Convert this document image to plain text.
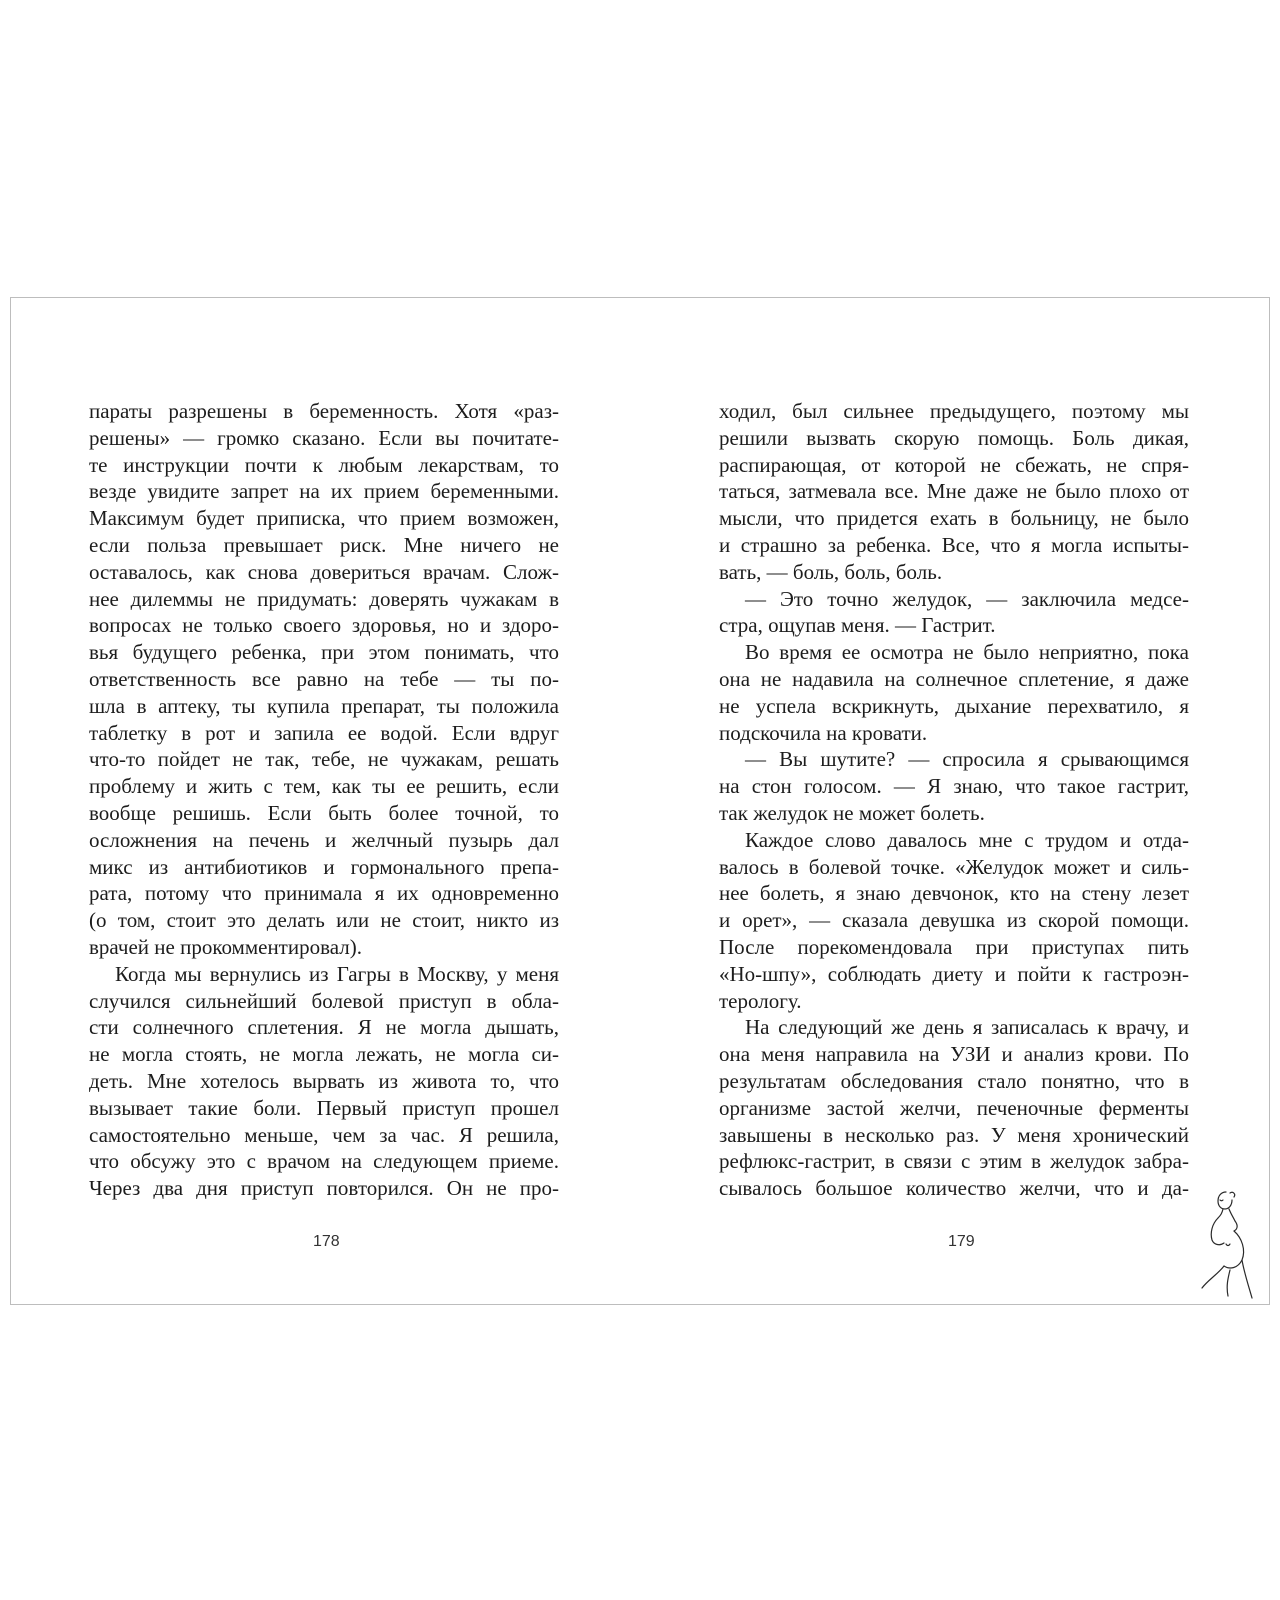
параты разрешены в беременность. Хотя «раз-
решены» — громко сказано. Если вы почитате-
те инструкции почти к любым лекарствам, то
везде увидите запрет на их прием беременными.
Максимум будет приписка, что прием возможен,
если польза превышает риск. Мне ничего не
оставалось, как снова довериться врачам. Слож-
нее дилеммы не придумать: доверять чужакам в
вопросах не только своего здоровья, но и здоро-
вья будущего ребенка, при этом понимать, что
ответственность все равно на тебе — ты по-
шла в аптеку, ты купила препарат, ты положила
таблетку в рот и запила ее водой. Если вдруг
что-то пойдет не так, тебе, не чужакам, решать
проблему и жить с тем, как ты ее решить, если
вообще решишь. Если быть более точной, то
осложнения на печень и желчный пузырь дал
микс из антибиотиков и гормонального препа-
рата, потому что принимала я их одновременно
(о том, стоит это делать или не стоит, никто из
врачей не прокомментировал).
Когда мы вернулись из Гагры в Москву, у меня
случился сильнейший болевой приступ в обла-
сти солнечного сплетения. Я не могла дышать,
не могла стоять, не могла лежать, не могла си-
деть. Мне хотелось вырвать из живота то, что
вызывает такие боли. Первый приступ прошел
самостоятельно меньше, чем за час. Я решила,
что обсужу это с врачом на следующем приеме.
Через два дня приступ повторился. Он не про-
ходил, был сильнее предыдущего, поэтому мы
решили вызвать скорую помощь. Боль дикая,
распирающая, от которой не сбежать, не спря-
таться, затмевала все. Мне даже не было плохо от
мысли, что придется ехать в больницу, не было
и страшно за ребенка. Все, что я могла испыты-
вать, — боль, боль, боль.
— Это точно желудок, — заключила медсе-
стра, ощупав меня. — Гастрит.
Во время ее осмотра не было неприятно, пока
она не надавила на солнечное сплетение, я даже
не успела вскрикнуть, дыхание перехватило, я
подскочила на кровати.
— Вы шутите? — спросила я срывающимся
на стон голосом. — Я знаю, что такое гастрит,
так желудок не может болеть.
Каждое слово давалось мне с трудом и отда-
валось в болевой точке. «Желудок может и силь-
нее болеть, я знаю девчонок, кто на стену лезет
и орет», — сказала девушка из скорой помощи.
После порекомендовала при приступах пить
«Но-шпу», соблюдать диету и пойти к гастроэн-
терологу.
На следующий же день я записалась к врачу, и
она меня направила на УЗИ и анализ крови. По
результатам обследования стало понятно, что в
организме застой желчи, печеночные ферменты
завышены в несколько раз. У меня хронический
рефлюкс-гастрит, в связи с этим в желудок забра-
сывалось большое количество желчи, что и да-
178	179
